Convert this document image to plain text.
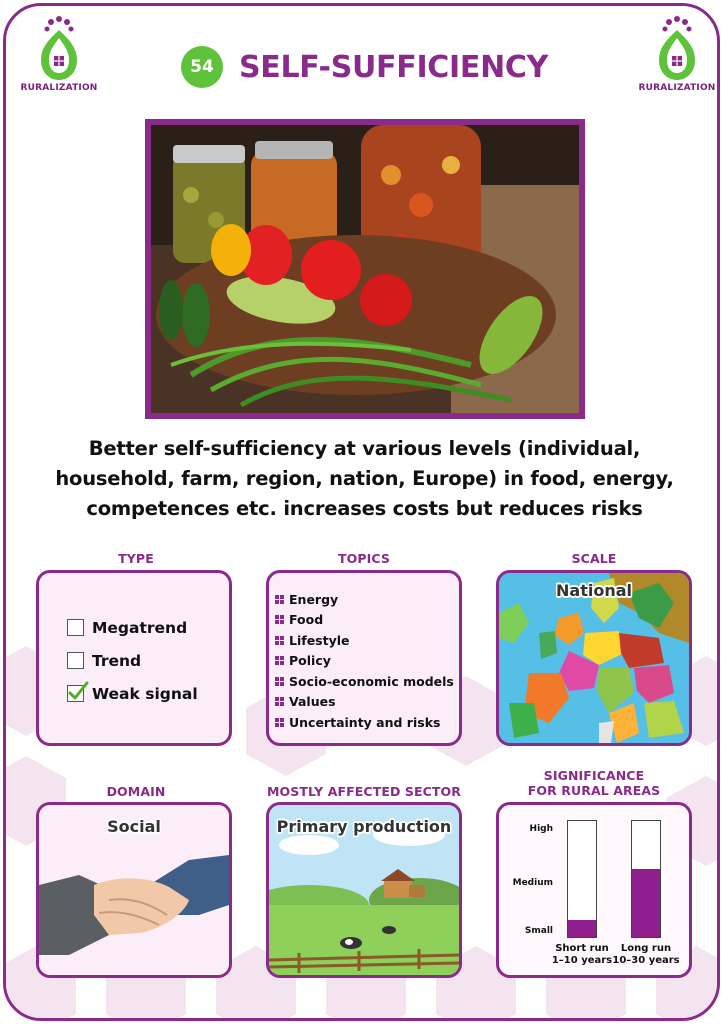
RURALIZATION	RURALIZATION
54 SELF-SUFFICIENCY
Better self-sufficiency at various levels (individual, household, farm, region, nation, Europe) in food, energy, competences etc. increases costs but reduces risks
TYPE
Megatrend
Trend
Weak signal
TOPICS
Energy
Food
Lifestyle
Policy
Socio-economic models
Values
Uncertainty and risks
SCALE
National
DOMAIN
Social
MOSTLY AFFECTED SECTOR
Primary production
SIGNIFICANCE
FOR RURAL AREAS
High
Medium
Small
Short run
1–10 years
Long run
10–30 years
